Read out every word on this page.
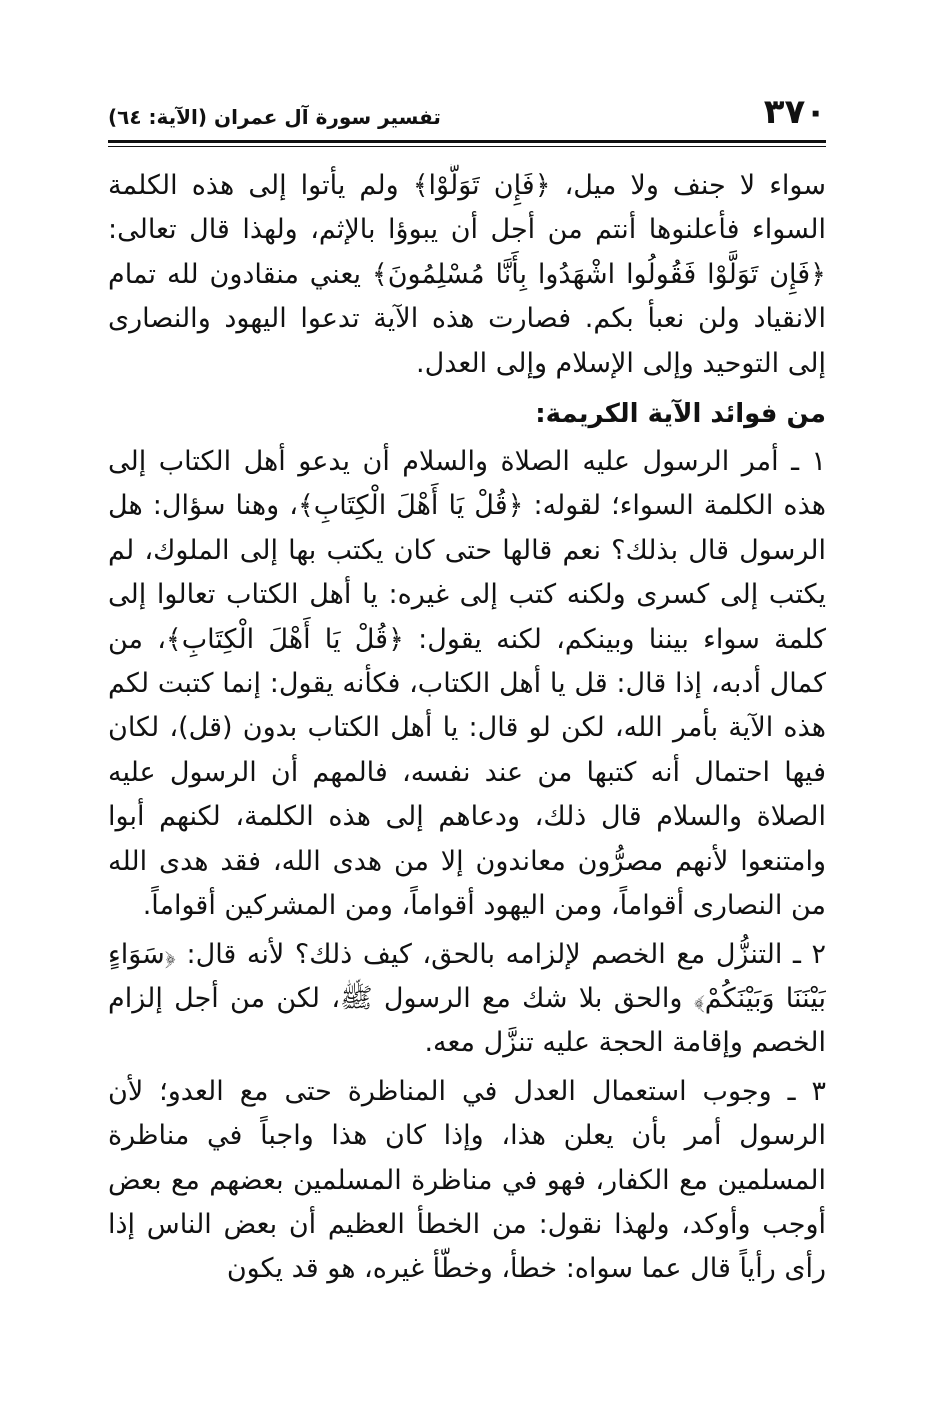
٣٧٠
تفسير سورة آل عمران (الآية: ٦٤)

سواء لا جنف ولا ميل، ﴿فَإِن تَوَلَّوْا﴾ ولم يأتوا إلى هذه الكلمة السواء فأعلنوها أنتم من أجل أن يبوؤا بالإثم، ولهذا قال تعالى: ﴿فَإِن تَوَلَّوْا فَقُولُوا اشْهَدُوا بِأَنَّا مُسْلِمُونَ﴾ يعني منقادون لله تمام الانقياد ولن نعبأ بكم. فصارت هذه الآية تدعوا اليهود والنصارى إلى التوحيد وإلى الإسلام وإلى العدل.

من فوائد الآية الكريمة:

١ ـ أمر الرسول عليه الصلاة والسلام أن يدعو أهل الكتاب إلى هذه الكلمة السواء؛ لقوله: ﴿قُلْ يَا أَهْلَ الْكِتَابِ﴾، وهنا سؤال: هل الرسول قال بذلك؟ نعم قالها حتى كان يكتب بها إلى الملوك، لم يكتب إلى كسرى ولكنه كتب إلى غيره: يا أهل الكتاب تعالوا إلى كلمة سواء بيننا وبينكم، لكنه يقول: ﴿قُلْ يَا أَهْلَ الْكِتَابِ﴾، من كمال أدبه، إذا قال: قل يا أهل الكتاب، فكأنه يقول: إنما كتبت لكم هذه الآية بأمر الله، لكن لو قال: يا أهل الكتاب بدون (قل)، لكان فيها احتمال أنه كتبها من عند نفسه، فالمهم أن الرسول عليه الصلاة والسلام قال ذلك، ودعاهم إلى هذه الكلمة، لكنهم أبوا وامتنعوا لأنهم مصرُّون معاندون إلا من هدى الله، فقد هدى الله من النصارى أقواماً، ومن اليهود أقواماً، ومن المشركين أقواماً.

٢ ـ التنزُّل مع الخصم لإلزامه بالحق، كيف ذلك؟ لأنه قال: ﴿سَوَاءٍ بَيْنَنَا وَبَيْنَكُمْ﴾ والحق بلا شك مع الرسول ﷺ، لكن من أجل إلزام الخصم وإقامة الحجة عليه تنزَّل معه.

٣ ـ وجوب استعمال العدل في المناظرة حتى مع العدو؛ لأن الرسول أمر بأن يعلن هذا، وإذا كان هذا واجباً في مناظرة المسلمين مع الكفار، فهو في مناظرة المسلمين بعضهم مع بعض أوجب وأوكد، ولهذا نقول: من الخطأ العظيم أن بعض الناس إذا رأى رأياً قال عما سواه: خطأ، وخطّأ غيره، هو قد يكون
